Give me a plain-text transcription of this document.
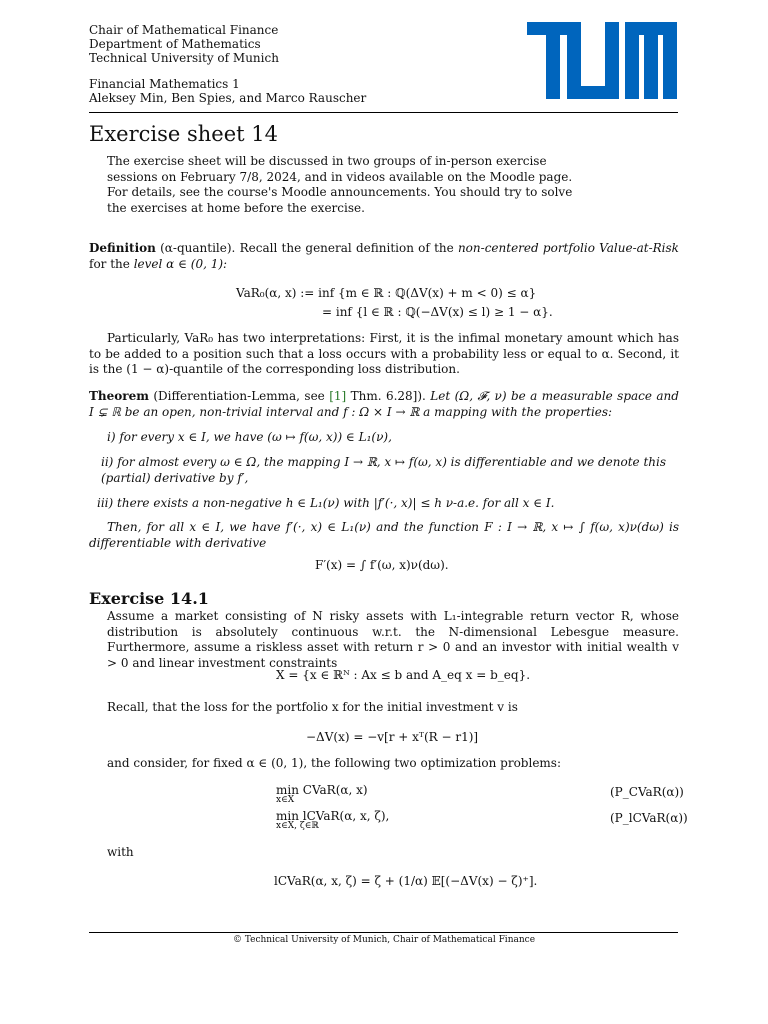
Chair of Mathematical Finance
Department of Mathematics
Technical University of Munich
Financial Mathematics 1
Aleksey Min, Ben Spies, and Marco Rauscher
Exercise sheet 14
The exercise sheet will be discussed in two groups of in-person exercise sessions on February 7/8, 2024, and in videos available on the Moodle page. For details, see the course's Moodle announcements. You should try to solve the exercises at home before the exercise.
Definition (α-quantile). Recall the general definition of the non-centered portfolio Value-at-Risk for the level α ∈ (0, 1):
VaR₀(α, x) := inf {m ∈ ℝ : ℚ(ΔV(x) + m < 0) ≤ α}
= inf {l ∈ ℝ : ℚ(−ΔV(x) ≤ l) ≥ 1 − α}.
Particularly, VaR₀ has two interpretations: First, it is the infimal monetary amount which has to be added to a position such that a loss occurs with a probability less or equal to α. Second, it is the (1 − α)-quantile of the corresponding loss distribution.
Theorem (Differentiation-Lemma, see [1] Thm. 6.28]). Let (Ω, 𝓕, ν) be a measurable space and I ⊊ ℝ be an open, non-trivial interval and f : Ω × I → ℝ a mapping with the properties:
i) for every x ∈ I, we have (ω ↦ f(ω, x)) ∈ L₁(ν),
ii) for almost every ω ∈ Ω, the mapping I → ℝ, x ↦ f(ω, x) is differentiable and we denote this (partial) derivative by f′,
iii) there exists a non-negative h ∈ L₁(ν) with |f′(·, x)| ≤ h ν-a.e. for all x ∈ I.
Then, for all x ∈ I, we have f′(·, x) ∈ L₁(ν) and the function F : I → ℝ, x ↦ ∫ f(ω, x)ν(dω) is differentiable with derivative
F′(x) = ∫ f′(ω, x)ν(dω).
Exercise 14.1
Assume a market consisting of N risky assets with L₁-integrable return vector R, whose distribution is absolutely continuous w.r.t. the N-dimensional Lebesgue measure. Furthermore, assume a riskless asset with return r > 0 and an investor with initial wealth v > 0 and linear investment constraints
X = {x ∈ ℝᴺ : Ax ≤ b and A_eq x = b_eq}.
Recall, that the loss for the portfolio x for the initial investment v is
−ΔV(x) = −v[r + xᵀ(R − r1)]
and consider, for fixed α ∈ (0, 1), the following two optimization problems:
min CVaR(α, x)
x∈X
(P_CVaR(α))
min lCVaR(α, x, ζ),
x∈X, ζ∈ℝ
(P_lCVaR(α))
with
lCVaR(α, x, ζ) = ζ + (1/α) 𝔼[(−ΔV(x) − ζ)⁺].
© Technical University of Munich, Chair of Mathematical Finance
